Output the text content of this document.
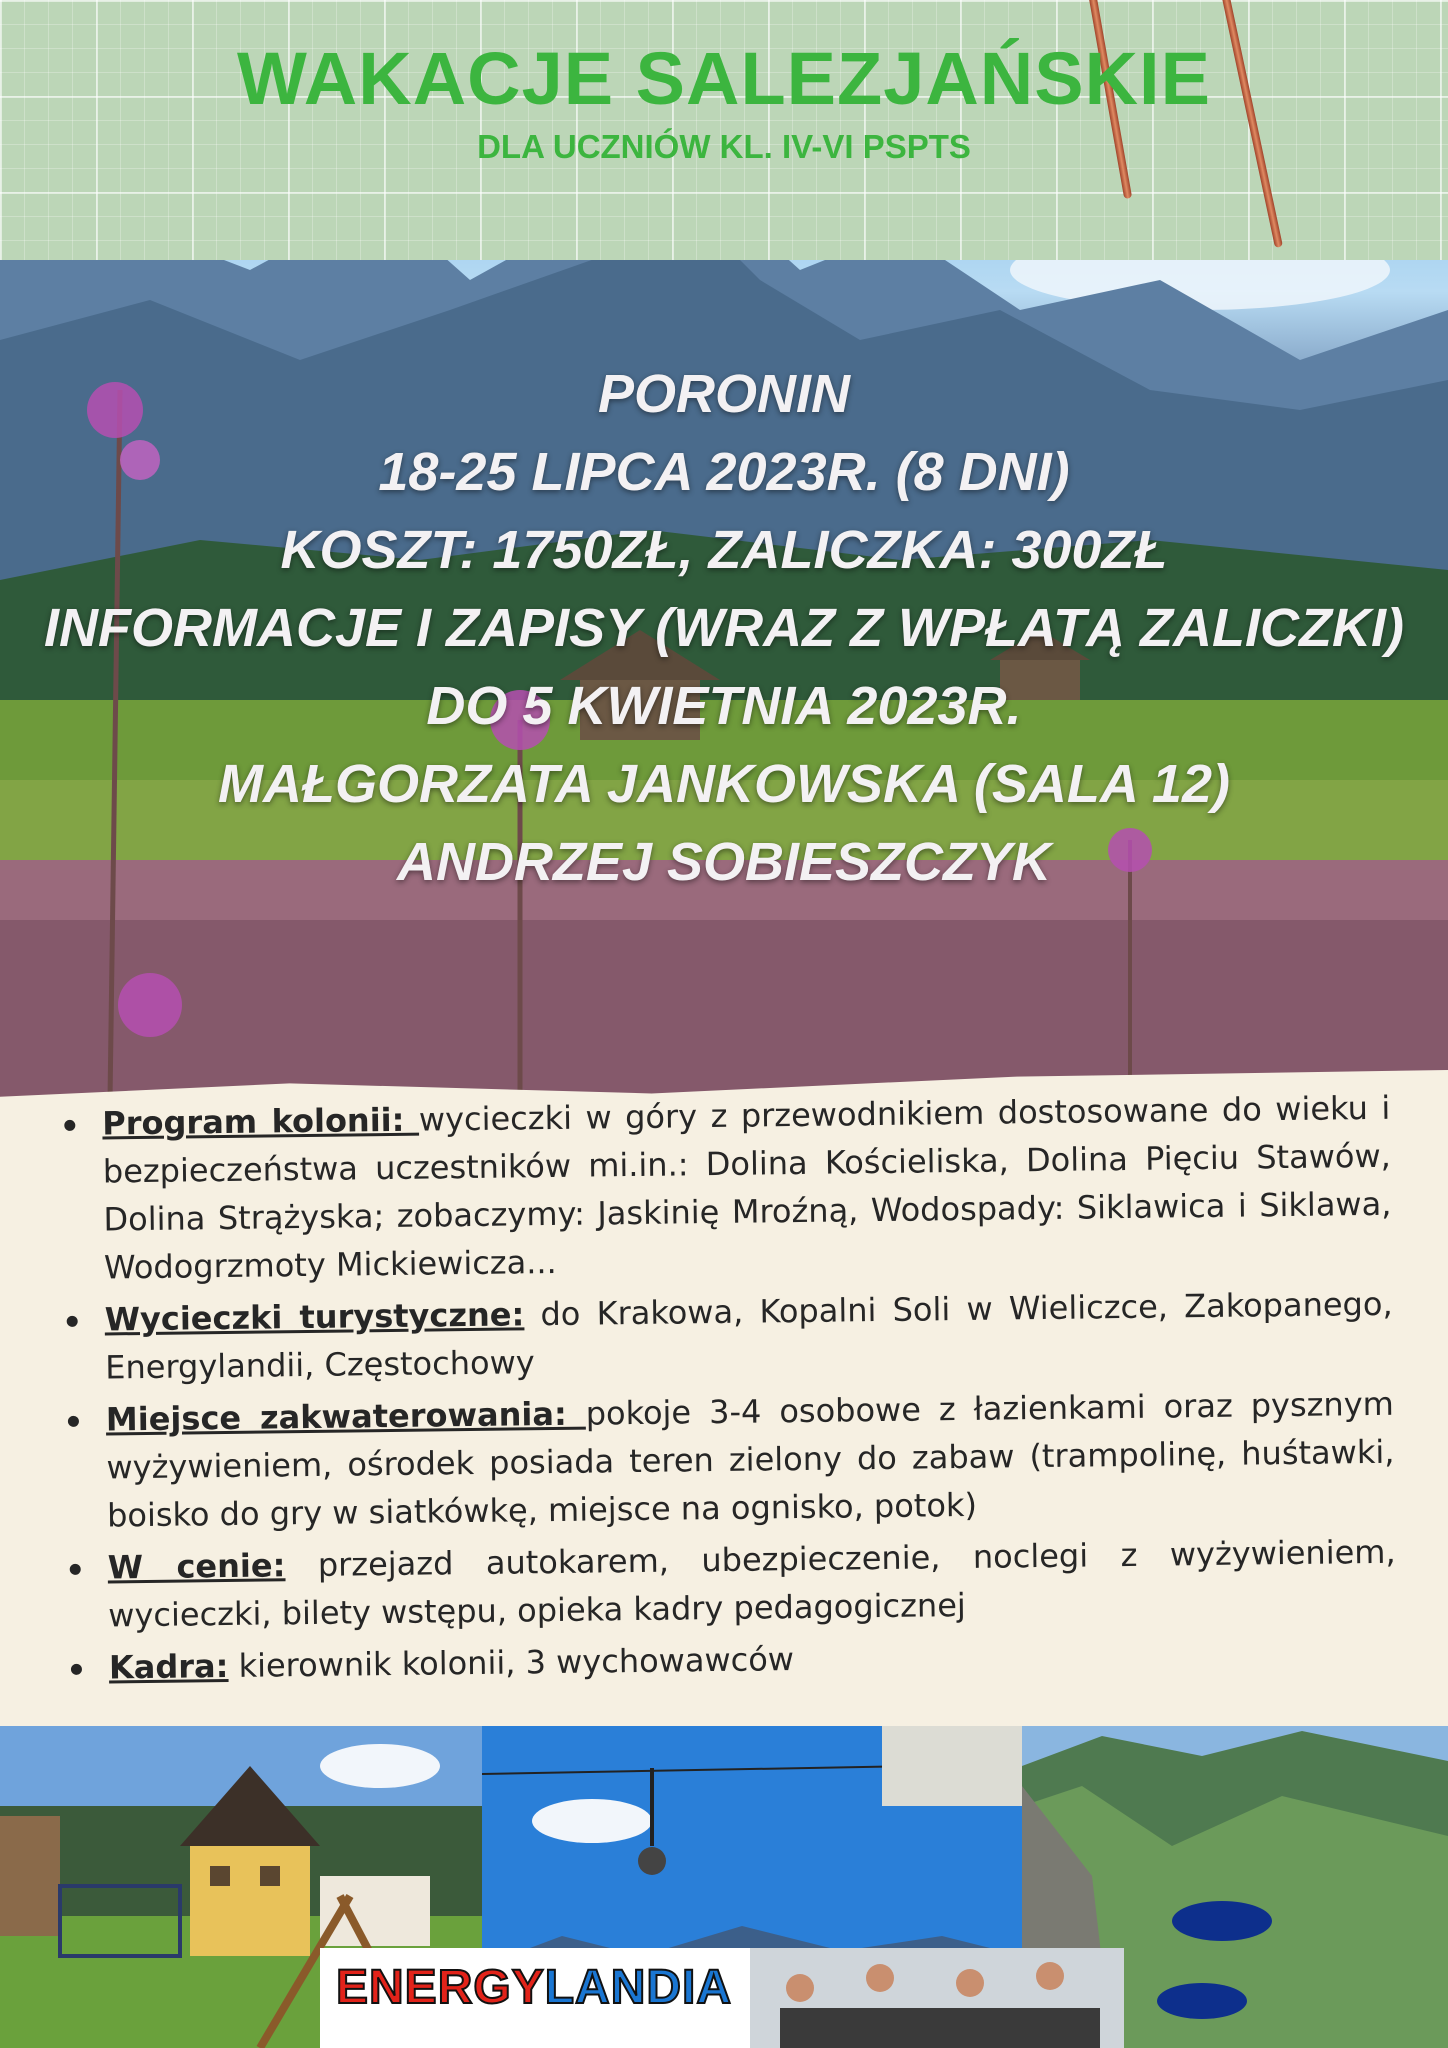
WAKACJE SALEZJAŃSKIE
DLA UCZNIÓW KL. IV-VI PSPTS
PORONIN
18-25 LIPCA 2023R. (8 DNI)
KOSZT: 1750ZŁ, ZALICZKA: 300ZŁ
INFORMACJE I ZAPISY (WRAZ Z WPŁATĄ ZALICZKI)
DO 5 KWIETNIA 2023R.
MAŁGORZATA JANKOWSKA (SALA 12)
ANDRZEJ SOBIESZCZYK
Program kolonii: wycieczki w góry z przewodnikiem dostosowane do wieku i bezpieczeństwa uczestników mi.in.: Dolina Kościeliska, Dolina Pięciu Stawów, Dolina Strążyska; zobaczymy: Jaskinię Mroźną, Wodospady: Siklawica i Siklawa, Wodogrzmoty Mickiewicza...
Wycieczki turystyczne: do Krakowa, Kopalni Soli w Wieliczce, Zakopanego, Energylandii, Częstochowy
Miejsce zakwaterowania: pokoje 3-4 osobowe z łazienkami oraz pysznym wyżywieniem, ośrodek posiada teren zielony do zabaw (trampolinę, huśtawki, boisko do gry w siatkówkę, miejsce na ognisko, potok)
W cenie: przejazd autokarem, ubezpieczenie, noclegi z wyżywieniem, wycieczki, bilety wstępu, opieka kadry pedagogicznej
Kadra: kierownik kolonii, 3 wychowawców
ENERGYLANDIA
